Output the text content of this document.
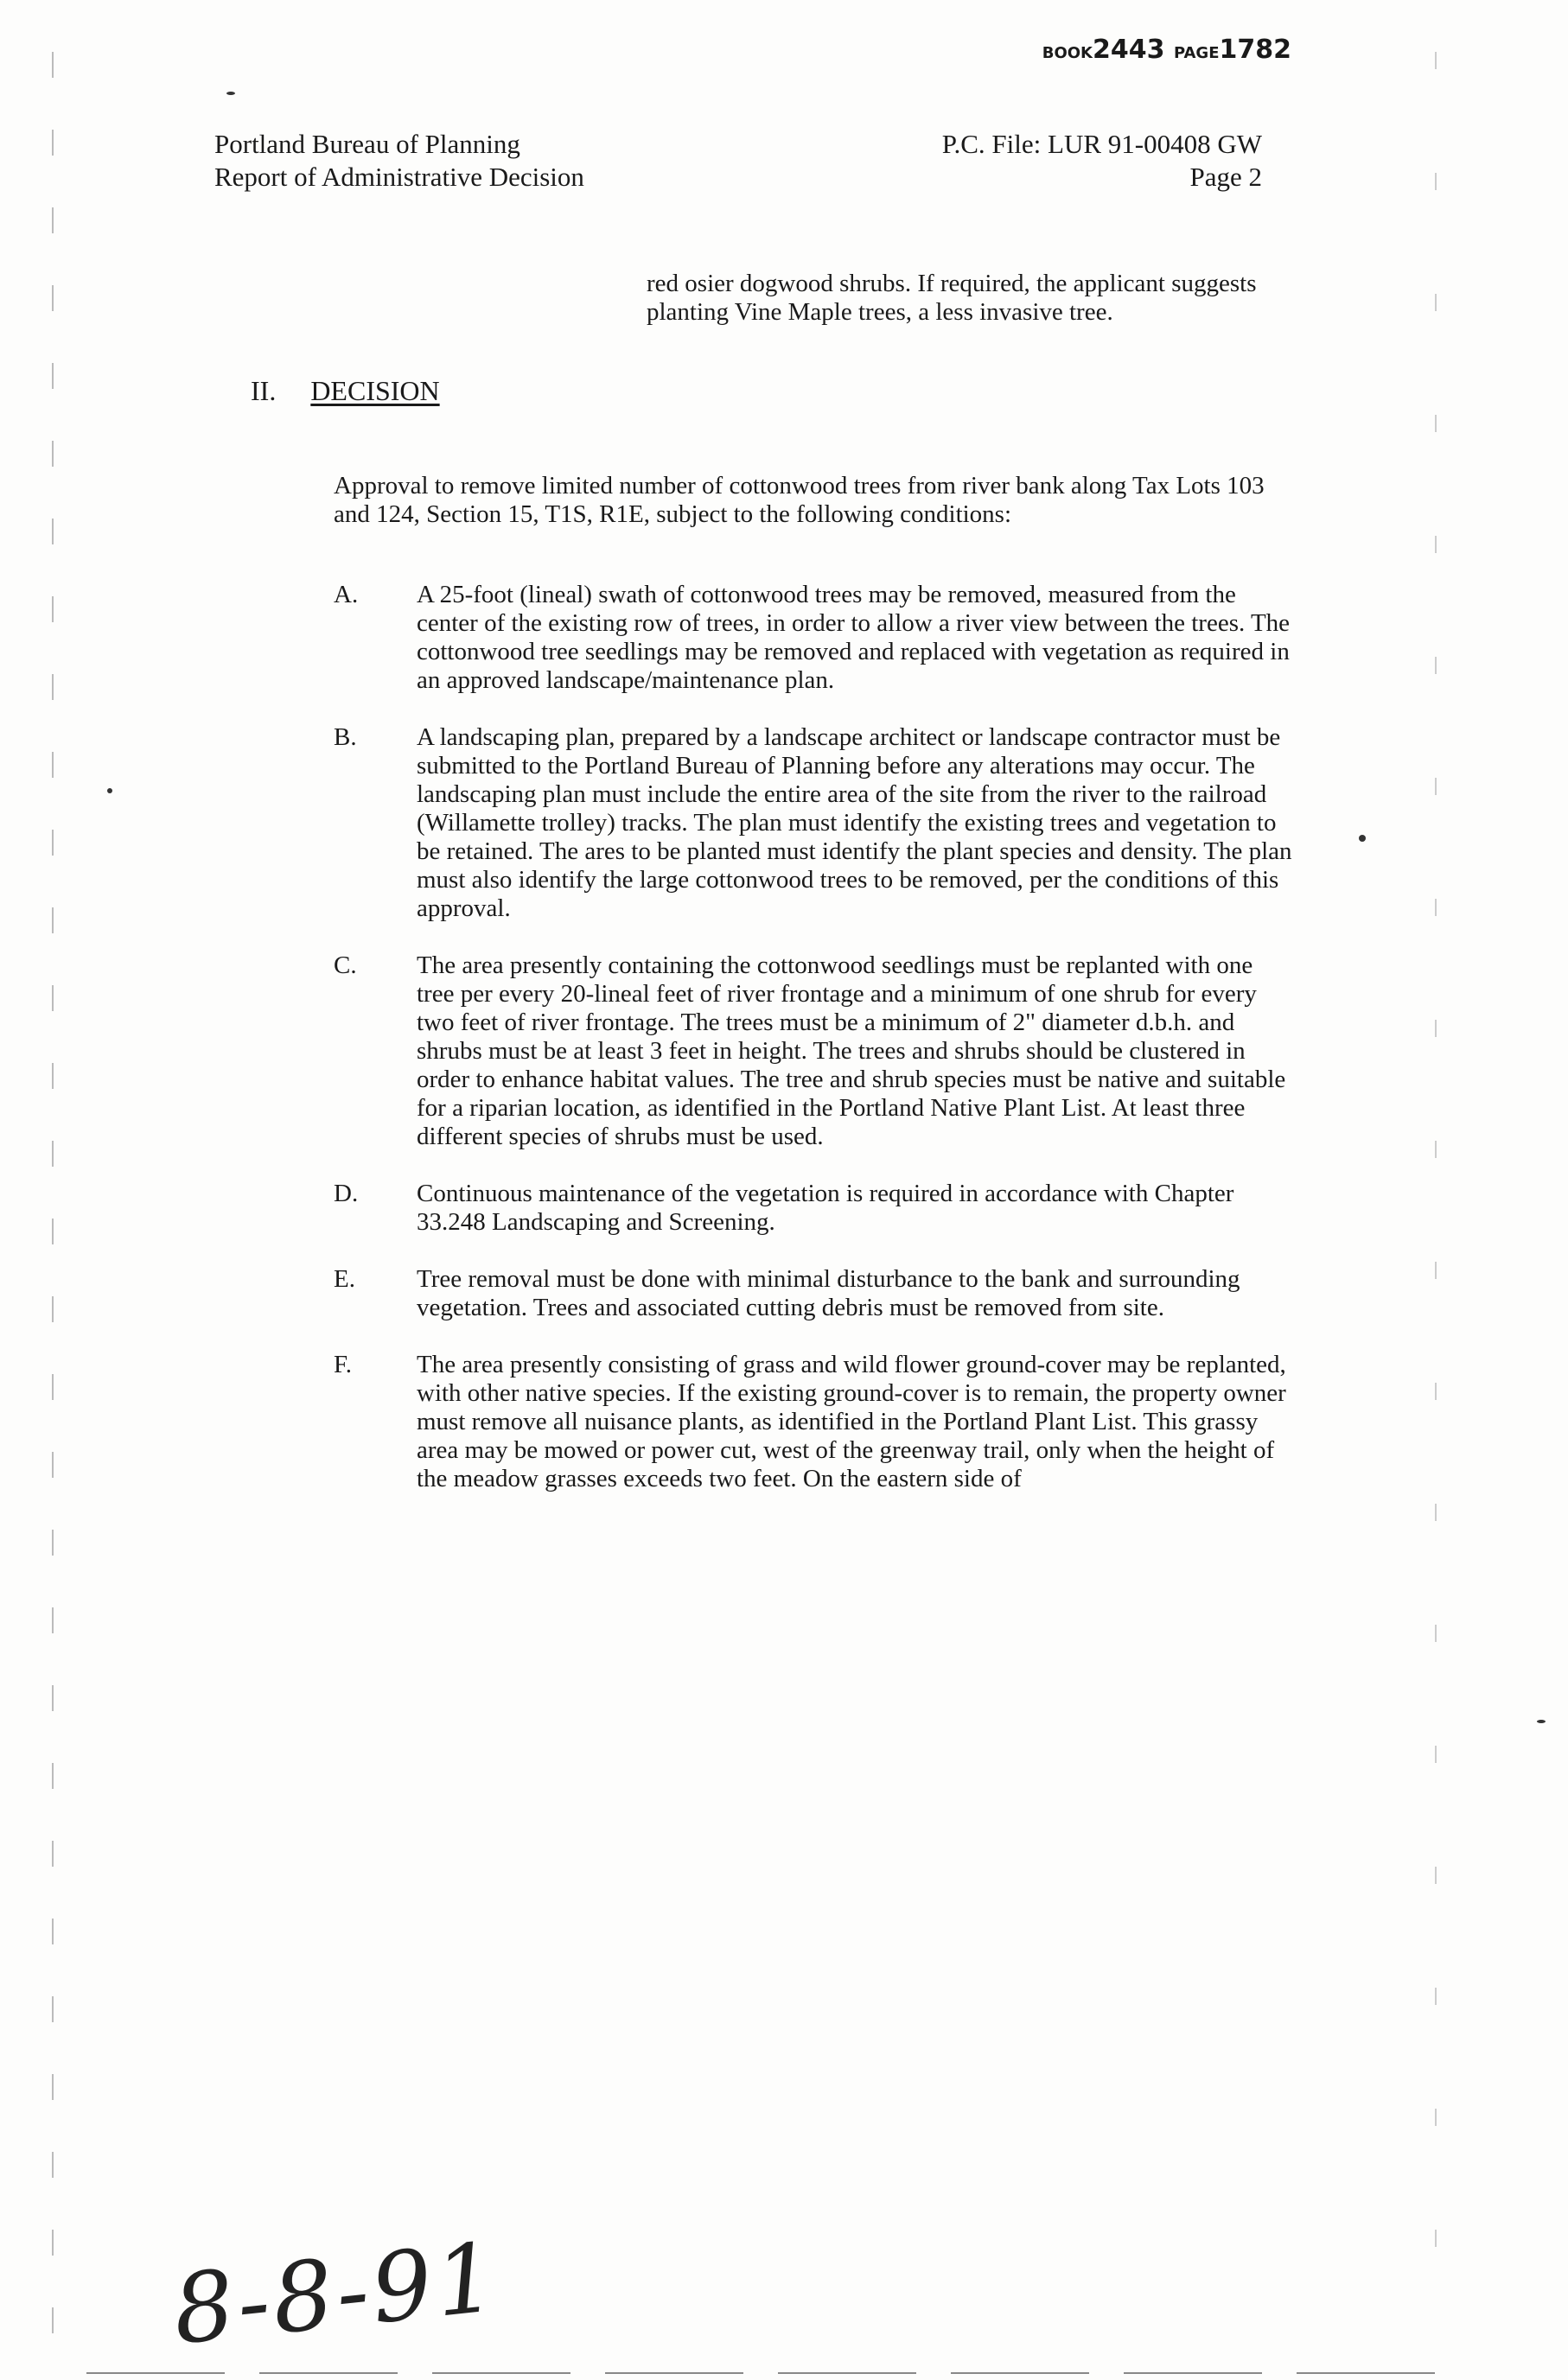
BOOK2443 PAGE1782
Portland Bureau of Planning
Report of Administrative Decision
P.C. File: LUR 91-00408 GW
Page 2
red osier dogwood shrubs. If required, the applicant suggests planting Vine Maple trees, a less invasive tree.
II. DECISION
Approval to remove limited number of cottonwood trees from river bank along Tax Lots 103 and 124, Section 15, T1S, R1E, subject to the following conditions:
A.	A 25-foot (lineal) swath of cottonwood trees may be removed, measured from the center of the existing row of trees, in order to allow a river view between the trees. The cottonwood tree seedlings may be removed and replaced with vegetation as required in an approved landscape/maintenance plan.
B.	A landscaping plan, prepared by a landscape architect or landscape contractor must be submitted to the Portland Bureau of Planning before any alterations may occur. The landscaping plan must include the entire area of the site from the river to the railroad (Willamette trolley) tracks. The plan must identify the existing trees and vegetation to be retained. The ares to be planted must identify the plant species and density. The plan must also identify the large cottonwood trees to be removed, per the conditions of this approval.
C.	The area presently containing the cottonwood seedlings must be replanted with one tree per every 20-lineal feet of river frontage and a minimum of one shrub for every two feet of river frontage. The trees must be a minimum of 2" diameter d.b.h. and shrubs must be at least 3 feet in height. The trees and shrubs should be clustered in order to enhance habitat values. The tree and shrub species must be native and suitable for a riparian location, as identified in the Portland Native Plant List. At least three different species of shrubs must be used.
D.	Continuous maintenance of the vegetation is required in accordance with Chapter 33.248 Landscaping and Screening.
E.	Tree removal must be done with minimal disturbance to the bank and surrounding vegetation. Trees and associated cutting debris must be removed from site.
F.	The area presently consisting of grass and wild flower ground-cover may be replanted, with other native species. If the existing ground-cover is to remain, the property owner must remove all nuisance plants, as identified in the Portland Plant List. This grassy area may be mowed or power cut, west of the greenway trail, only when the height of the meadow grasses exceeds two feet. On the eastern side of
8-8-91
